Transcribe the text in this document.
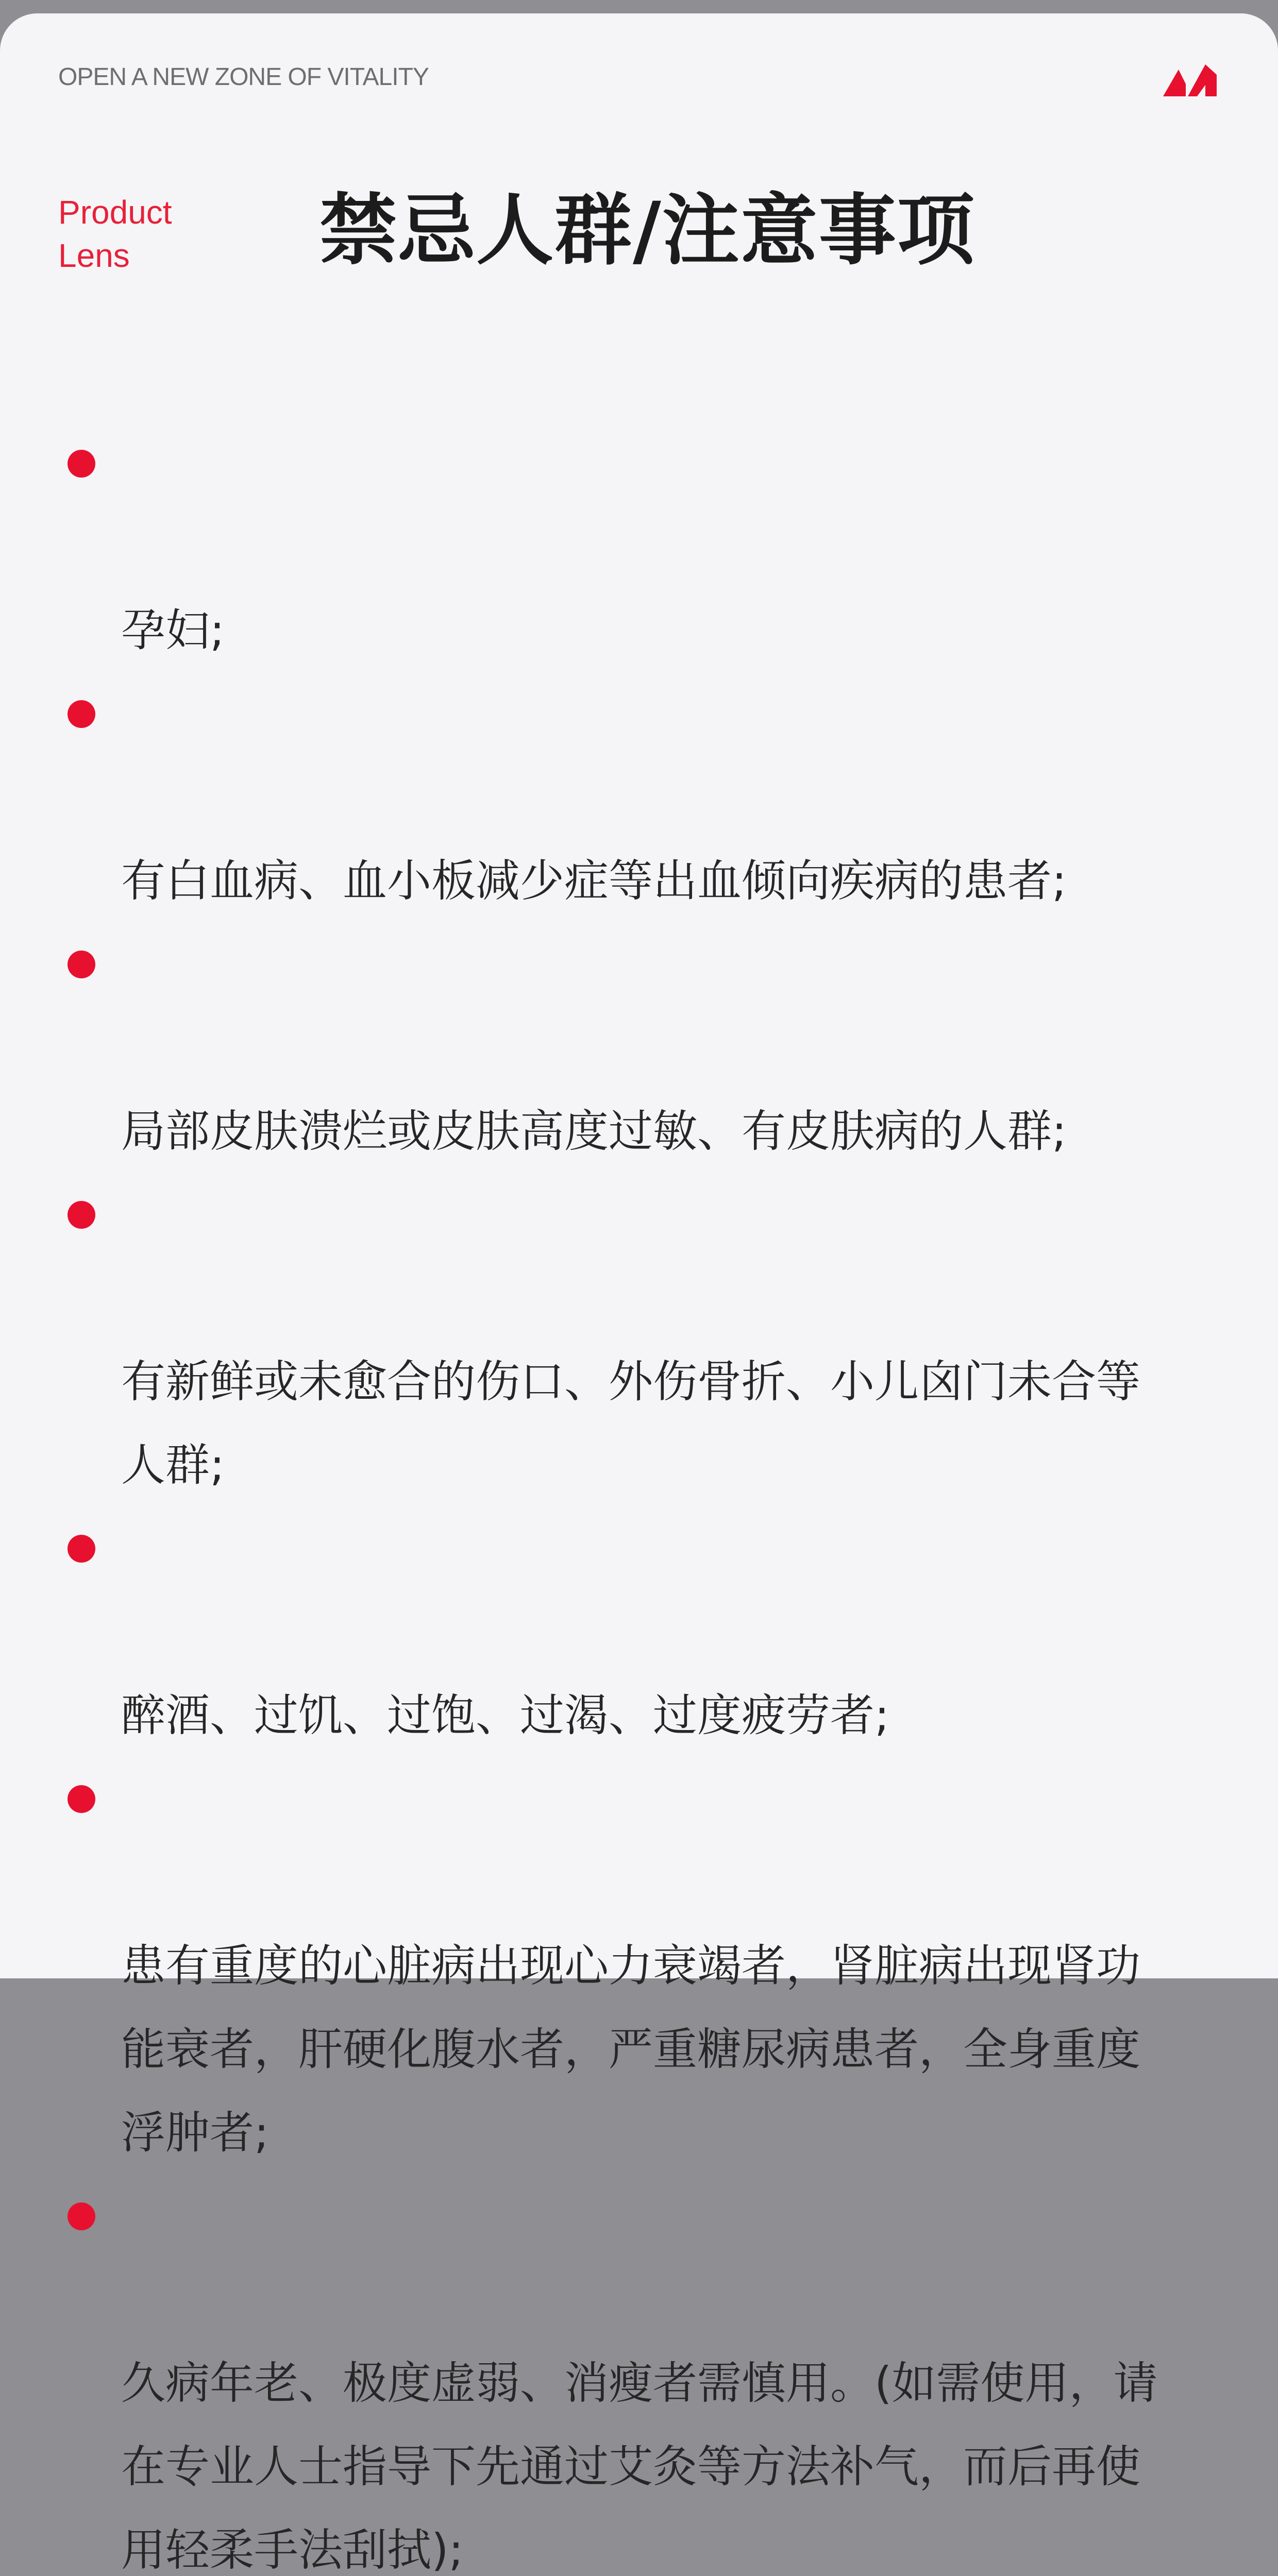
OPEN A NEW ZONE OF VITALITY
Product
Lens	禁忌人群/注意事项

孕妇;

有白血病、血小板减少症等出血倾向疾病的患者;

局部皮肤溃烂或皮肤高度过敏、有皮肤病的人群;

有新鲜或未愈合的伤口、外伤骨折、小儿囟门未合等
人群;

醉酒、过饥、过饱、过渴、过度疲劳者;

患有重度的心脏病出现心力衰竭者，肾脏病出现肾功
能衰者，肝硬化腹水者，严重糖尿病患者，全身重度
浮肿者;

久病年老、极度虚弱、消瘦者需慎用。(如需使用，请
在专业人士指导下先通过艾灸等方法补气，而后再使
用轻柔手法刮拭);
